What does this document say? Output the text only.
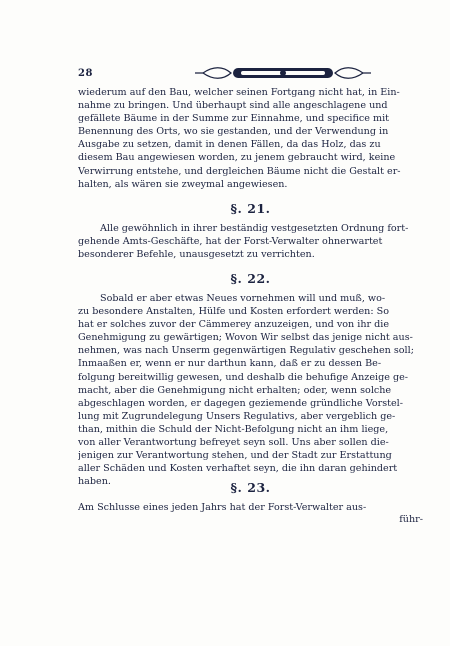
28
wiederum auf den Bau, welcher seinen Fortgang nicht hat, in Ein-
nahme zu bringen. Und überhaupt sind alle angeschlagene und
gefällete Bäume in der Summe zur Einnahme, und specifice mit
Benennung des Orts, wo sie gestanden, und der Verwendung in
Ausgabe zu setzen, damit in denen Fällen, da das Holz, das zu
diesem Bau angewiesen worden, zu jenem gebraucht wird, keine
Verwirrung entstehe, und dergleichen Bäume nicht die Gestalt er-
halten, als wären sie zweymal angewiesen.
§. 21.
Alle gewöhnlich in ihrer beständig vestgesetzten Ordnung fort-
gehende Amts-Geschäfte, hat der Forst-Verwalter ohnerwartet
besonderer Befehle, unausgesetzt zu verrichten.
§. 22.
Sobald er aber etwas Neues vornehmen will und muß, wo-
zu besondere Anstalten, Hülfe und Kosten erfordert werden: So
hat er solches zuvor der Cämmerey anzuzeigen, und von ihr die
Genehmigung zu gewärtigen; Wovon Wir selbst das jenige nicht aus-
nehmen, was nach Unserm gegenwärtigen Regulativ geschehen soll;
Inmaaßen er, wenn er nur darthun kann, daß er zu dessen Be-
folgung bereitwillig gewesen, und deshalb die behufige Anzeige ge-
macht, aber die Genehmigung nicht erhalten; oder, wenn solche
abgeschlagen worden, er dagegen geziemende gründliche Vorstel-
lung mit Zugrundelegung Unsers Regulativs, aber vergeblich ge-
than, mithin die Schuld der Nicht-Befolgung nicht an ihm liege,
von aller Verantwortung befreyet seyn soll. Uns aber sollen die-
jenigen zur Verantwortung stehen, und der Stadt zur Erstattung
aller Schäden und Kosten verhaftet seyn, die ihn daran gehindert
haben.	§. 23.
Am Schlusse eines jeden Jahrs hat der Forst-Verwalter aus-
führ-
